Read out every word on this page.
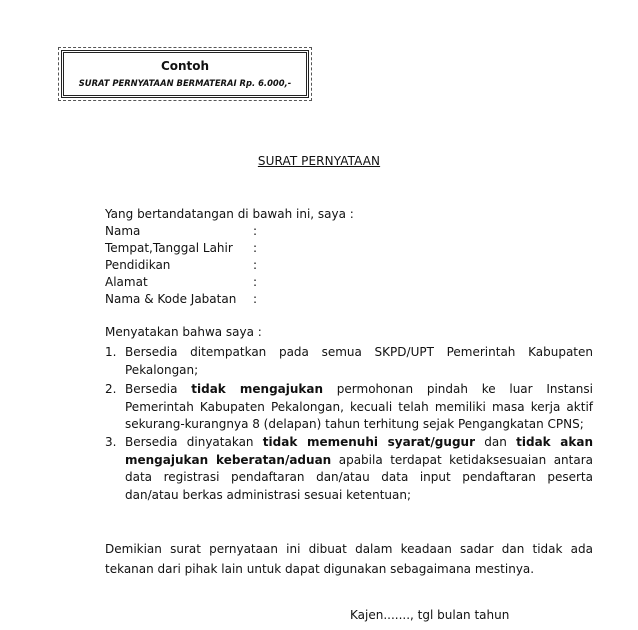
Contoh
SURAT PERNYATAAN BERMATERAI Rp. 6.000,-
SURAT PERNYATAAN
Yang bertandatangan di bawah ini, saya :
Nama	:
Tempat,Tanggal Lahir :
Pendidikan	:
Alamat	:
Nama & Kode Jabatan :
Menyatakan bahwa saya :
1. Bersedia ditempatkan pada semua SKPD/UPT Pemerintah Kabupaten Pekalongan;
2. Bersedia tidak mengajukan permohonan pindah ke luar Instansi Pemerintah Kabupaten Pekalongan, kecuali telah memiliki masa kerja aktif sekurang-kurangnya 8 (delapan) tahun terhitung sejak Pengangkatan CPNS;
3. Bersedia dinyatakan tidak memenuhi syarat/gugur dan tidak akan mengajukan keberatan/aduan apabila terdapat ketidaksesuaian antara data registrasi pendaftaran dan/atau data input pendaftaran peserta dan/atau berkas administrasi sesuai ketentuan;
Demikian surat pernyataan ini dibuat dalam keadaan sadar dan tidak ada tekanan dari pihak lain untuk dapat digunakan sebagaimana mestinya.
Kajen......., tgl bulan tahun
